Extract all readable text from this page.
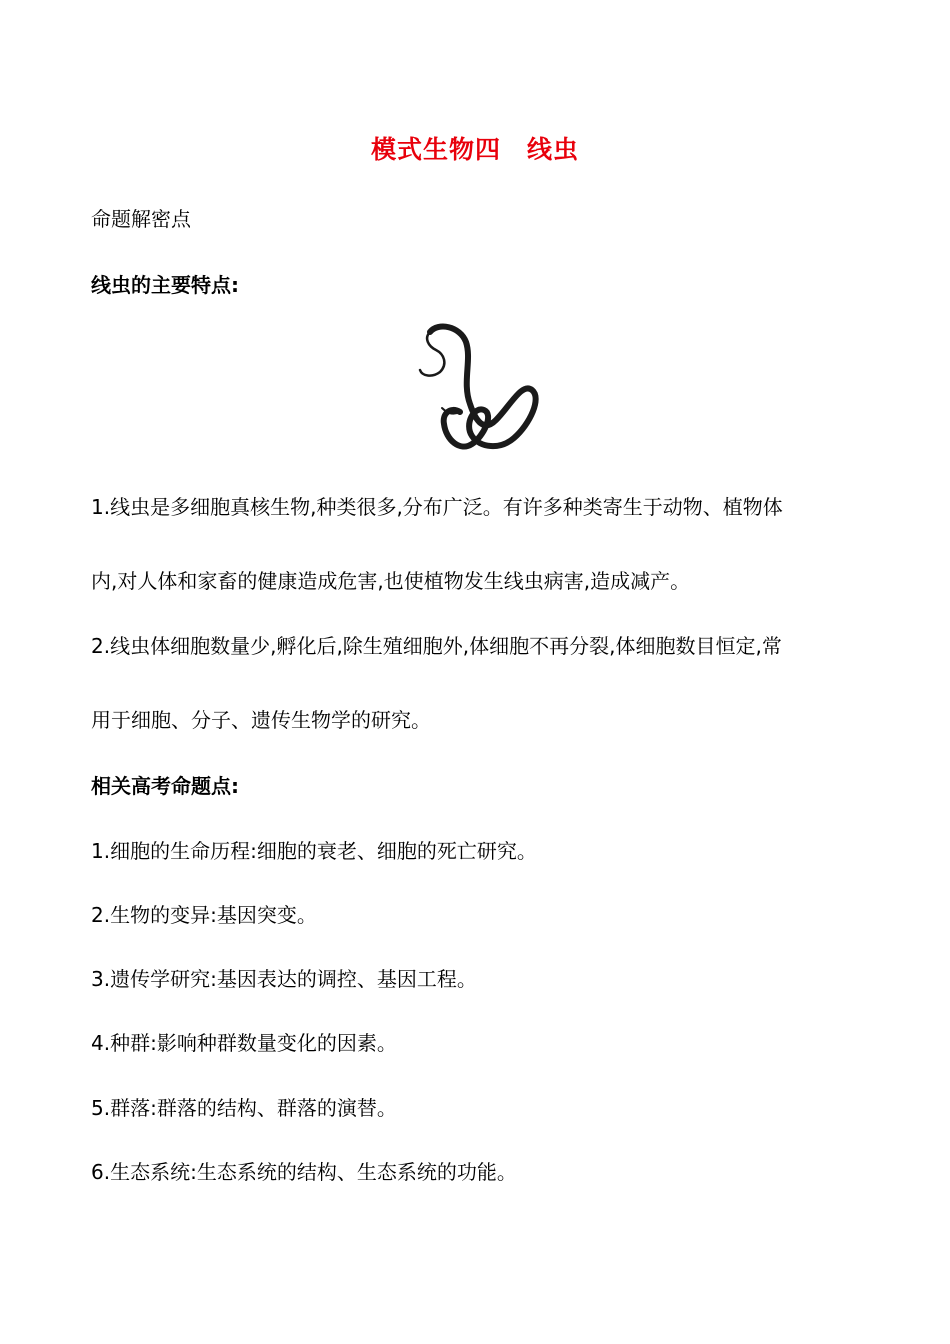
模式生物四　线虫
命题解密点
线虫的主要特点:
1.线虫是多细胞真核生物,种类很多,分布广泛。有许多种类寄生于动物、植物体
内,对人体和家畜的健康造成危害,也使植物发生线虫病害,造成减产。
2.线虫体细胞数量少,孵化后,除生殖细胞外,体细胞不再分裂,体细胞数目恒定,常
用于细胞、分子、遗传生物学的研究。
相关高考命题点:
1.细胞的生命历程:细胞的衰老、细胞的死亡研究。
2.生物的变异:基因突变。
3.遗传学研究:基因表达的调控、基因工程。
4.种群:影响种群数量变化的因素。
5.群落:群落的结构、群落的演替。
6.生态系统:生态系统的结构、生态系统的功能。
